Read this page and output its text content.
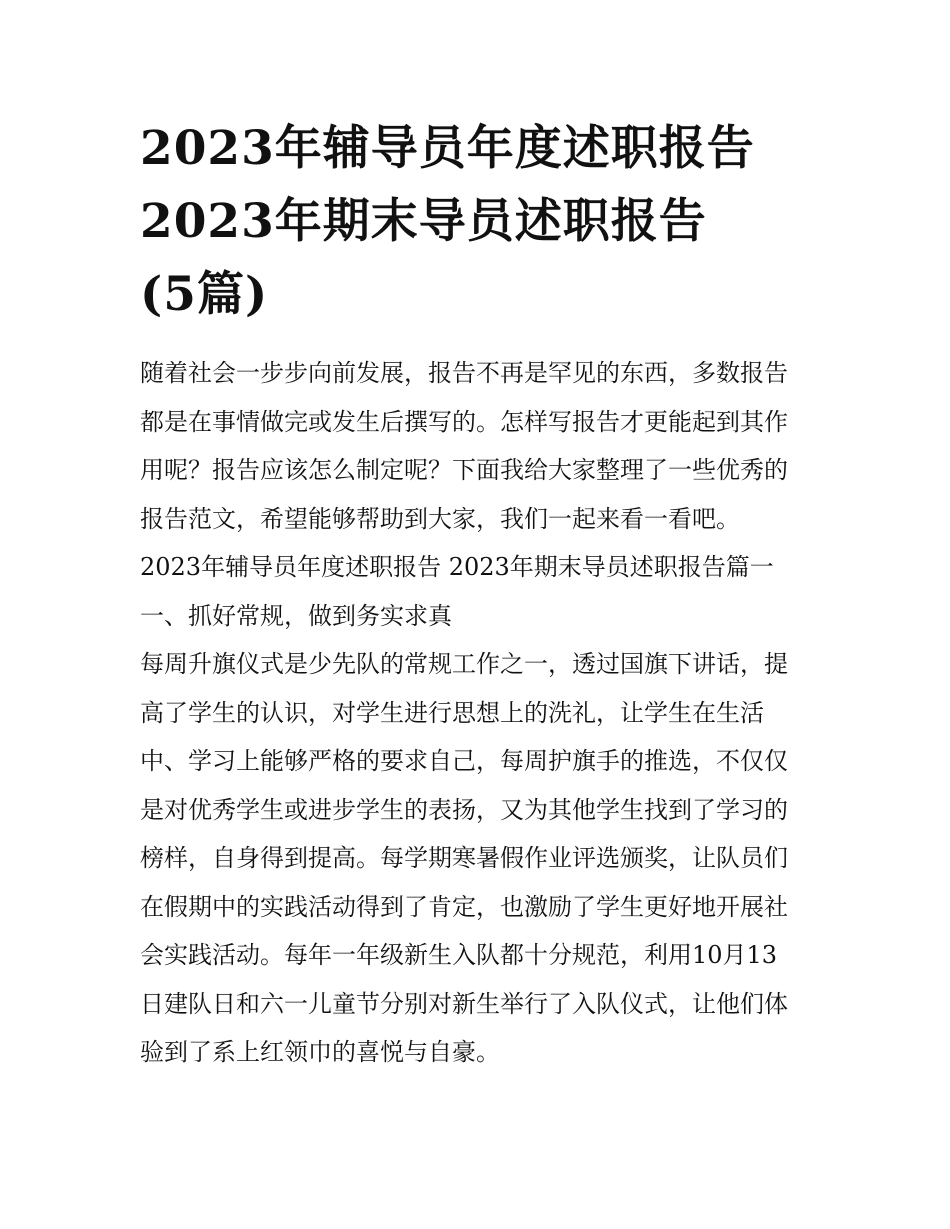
2023年辅导员年度述职报告 2023年期末导员述职报告(5篇)

随着社会一步步向前发展，报告不再是罕见的东西，多数报告
都是在事情做完或发生后撰写的。怎样写报告才更能起到其作
用呢？报告应该怎么制定呢？下面我给大家整理了一些优秀的
报告范文，希望能够帮助到大家，我们一起来看一看吧。

2023年辅导员年度述职报告 2023年期末导员述职报告篇一

一、抓好常规，做到务实求真

每周升旗仪式是少先队的常规工作之一，透过国旗下讲话，提
高了学生的认识，对学生进行思想上的洗礼，让学生在生活
中、学习上能够严格的要求自己，每周护旗手的推选，不仅仅
是对优秀学生或进步学生的表扬，又为其他学生找到了学习的
榜样，自身得到提高。每学期寒暑假作业评选颁奖，让队员们
在假期中的实践活动得到了肯定，也激励了学生更好地开展社
会实践活动。每年一年级新生入队都十分规范，利用10月13
日建队日和六一儿童节分别对新生举行了入队仪式，让他们体
验到了系上红领巾的喜悦与自豪。
